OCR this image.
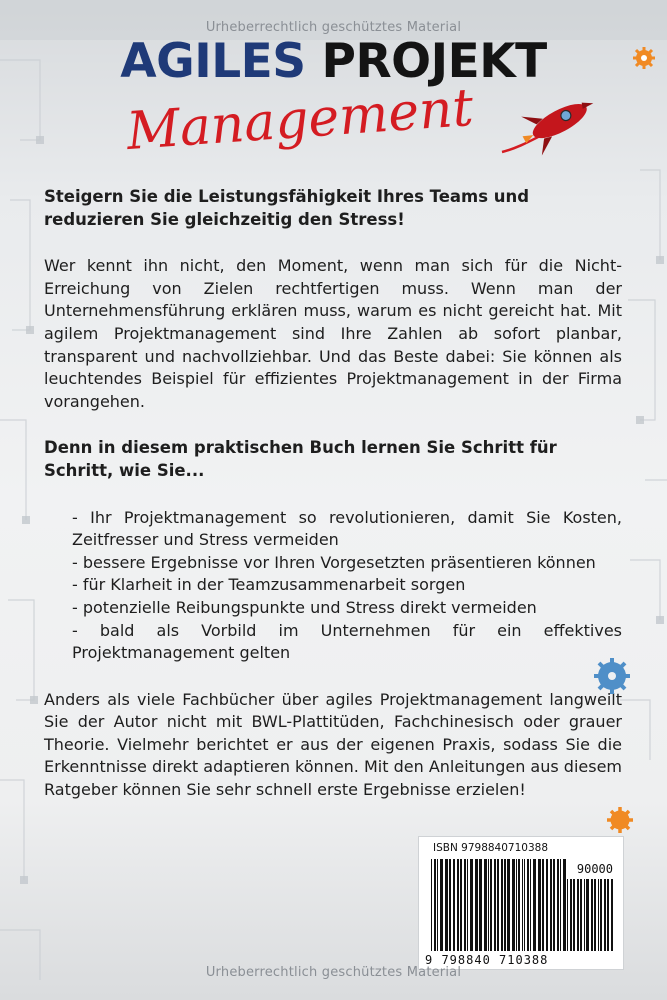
Urheberrechtlich geschütztes Material
AGILES PROJEKT
Management

Steigern Sie die Leistungsfähigkeit Ihres Teams und reduzieren Sie gleichzeitig den Stress!

Wer kennt ihn nicht, den Moment, wenn man sich für die Nicht-Erreichung von Zielen rechtfertigen muss. Wenn man der Unternehmensführung erklären muss, warum es nicht gereicht hat. Mit agilem Projektmanagement sind Ihre Zahlen ab sofort planbar, transparent und nachvollziehbar. Und das Beste dabei: Sie können als leuchtendes Beispiel für effizientes Projektmanagement in der Firma vorangehen.

Denn in diesem praktischen Buch lernen Sie Schritt für Schritt, wie Sie...

- Ihr Projektmanagement so revolutionieren, damit Sie Kosten, Zeitfresser und Stress vermeiden
- bessere Ergebnisse vor Ihren Vorgesetzten präsentieren können
- für Klarheit in der Teamzusammenarbeit sorgen
- potenzielle Reibungspunkte und Stress direkt vermeiden
- bald als Vorbild im Unternehmen für ein effektives Projektmanagement gelten

Anders als viele Fachbücher über agiles Projektmanagement langweilt Sie der Autor nicht mit BWL-Plattitüden, Fachchinesisch oder grauer Theorie. Vielmehr berichtet er aus der eigenen Praxis, sodass Sie die Erkenntnisse direkt adaptieren können. Mit den Anleitungen aus diesem Ratgeber können Sie sehr schnell erste Ergebnisse erzielen!

ISBN 9798840710388
90000
9 798840 710388
Urheberrechtlich geschütztes Material
